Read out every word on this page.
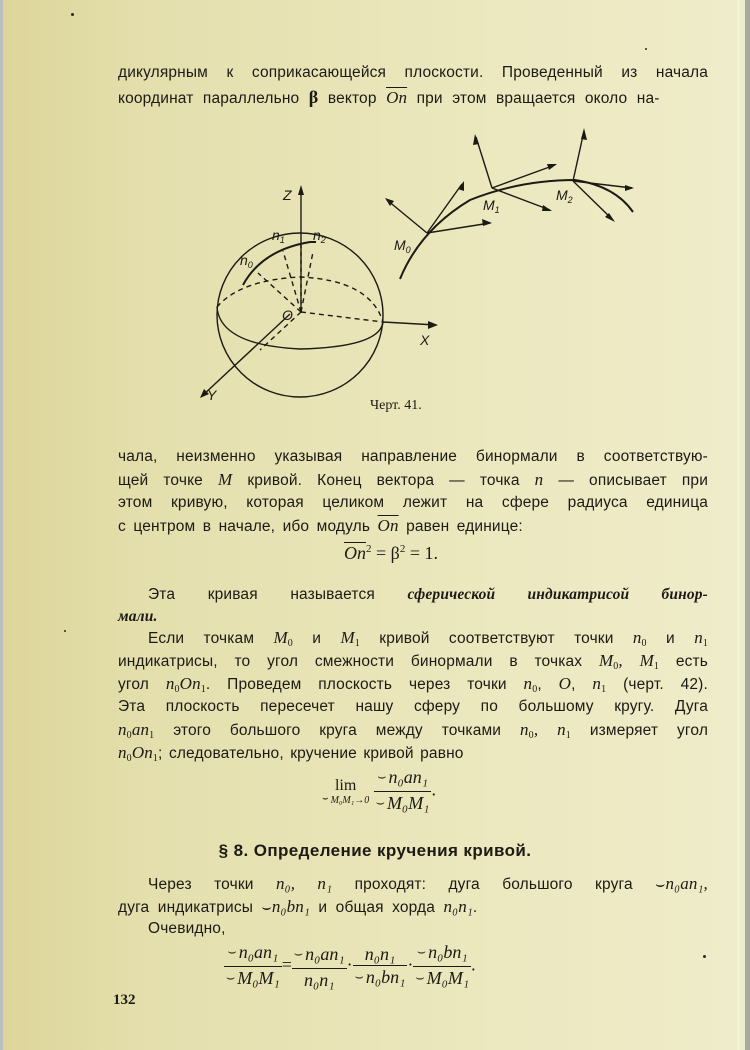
дикулярным к соприкасающейся плоскости. Проведенный из начала
координат параллельно β вектор $\overline{On}$ при этом вращается около на-
Z
X
Y
O
$n_0$
$n_1$ $n_2$	$M_0$
$M_1$
$M_2$
Черт. 41.
чала, неизменно указывая направление бинормали в соответствую-
щей точке M кривой. Конец вектора — точка n — описывает при
этом кривую, которая целиком лежит на сфере радиуса единица
с центром в начале, ибо модуль $\overline{On}$ равен единице:
$\overline{On}^2 = \beta^2 = 1$.
Эта кривая называется сферической индикатрисой бинор-
мали.
Если точкам $M_0$ и $M_1$ кривой соответствуют точки $n_0$ и $n_1$
индикатрисы, то угол смежности бинормали в точках $M_0$, $M_1$ есть
угол $n_0On_1$. Проведем плоскость через точки $n_0$, O, $n_1$ (черт. 42).
Эта плоскость пересечет нашу сферу по большому кругу. Дуга
$n_0an_1$ этого большого круга между точками $n_0$, $n_1$ измеряет угол
$n_0On_1$; следовательно, кручение кривой равно
lim
⌣ M₀M₁→0
$\frac{\text{⌣ n₀an₁}}{\text{⌣ M₀M₁}}$ .
§ 8. Определение кручения кривой.
Через точки n₀, n₁ проходят: дуга большого круга ⌣n₀an₁,
дуга индикатрисы ⌣n₀bn₁ и общая хорда n₀n₁.
Очевидно,
$\frac{\text{⌣ n₀an₁}}{\text{⌣ M₀M₁}} = \frac{\text{⌣ n₀an₁}}{\text{n₀n₁}} \cdot \frac{\text{n₀n₁}}{\text{⌣ n₀bn₁}} \cdot \frac{\text{⌣ n₀bn₁}}{\text{⌣ M₀M₁}}$ .
132
